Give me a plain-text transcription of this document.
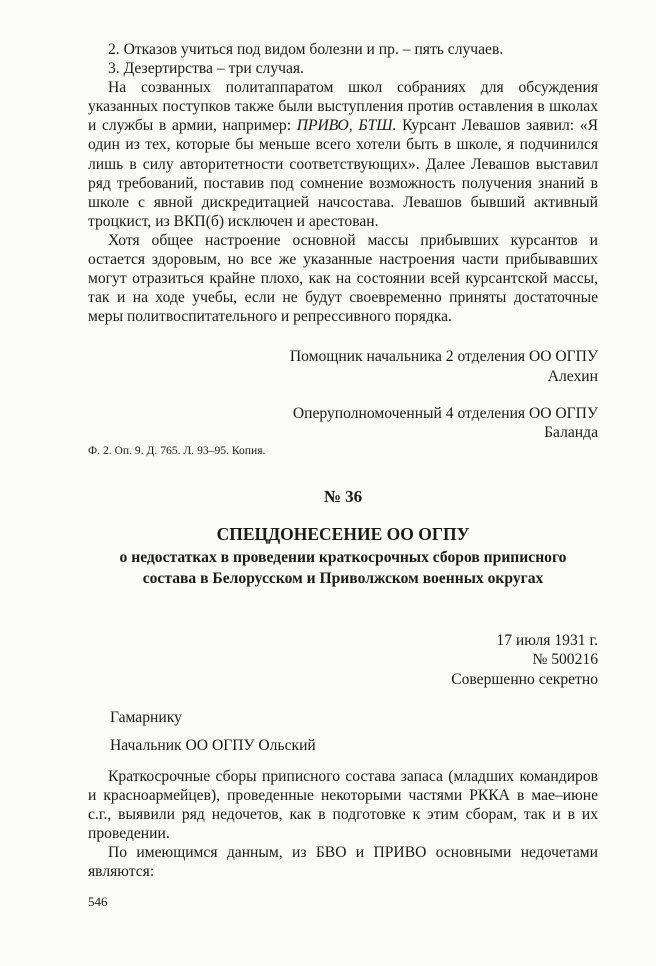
2. Отказов учиться под видом болезни и пр. – пять случаев.

3. Дезертирства – три случая.

На созванных политаппаратом школ собраниях для обсуждения указанных поступков также были выступления против оставления в школах и службы в армии, например: ПРИВО, БТШ. Курсант Левашов заявил: «Я один из тех, которые бы меньше всего хотели быть в школе, я подчинился лишь в силу авторитетности соответствующих». Далее Левашов выставил ряд требований, поставив под сомнение возможность получения знаний в школе с явной дискредитацией начсостава. Левашов бывший активный троцкист, из ВКП(б) исключен и арестован.

Хотя общее настроение основной массы прибывших курсантов и остается здоровым, но все же указанные настроения части прибывавших могут отразиться крайне плохо, как на состоянии всей курсантской массы, так и на ходе учебы, если не будут своевременно приняты достаточные меры политвоспитательного и репрессивного порядка.

Помощник начальника 2 отделения ОО ОГПУ
Алехин
Оперуполномоченный 4 отделения ОО ОГПУ
Баланда
Ф. 2. Оп. 9. Д. 765. Л. 93–95. Копия.
№ 36
СПЕЦДОНЕСЕНИЕ ОО ОГПУ
о недостатках в проведении краткосрочных сборов приписного состава в Белорусском и Приволжском военных округах
17 июля 1931 г.
№ 500216
Совершенно секретно
Гамарнику
Начальник ОО ОГПУ Ольский

Краткосрочные сборы приписного состава запаса (младших командиров и красноармейцев), проведенные некоторыми частями РККА в мае–июне с.г., выявили ряд недочетов, как в подготовке к этим сборам, так и в их проведении.

По имеющимся данным, из БВО и ПРИВО основными недочетами являются:

546
